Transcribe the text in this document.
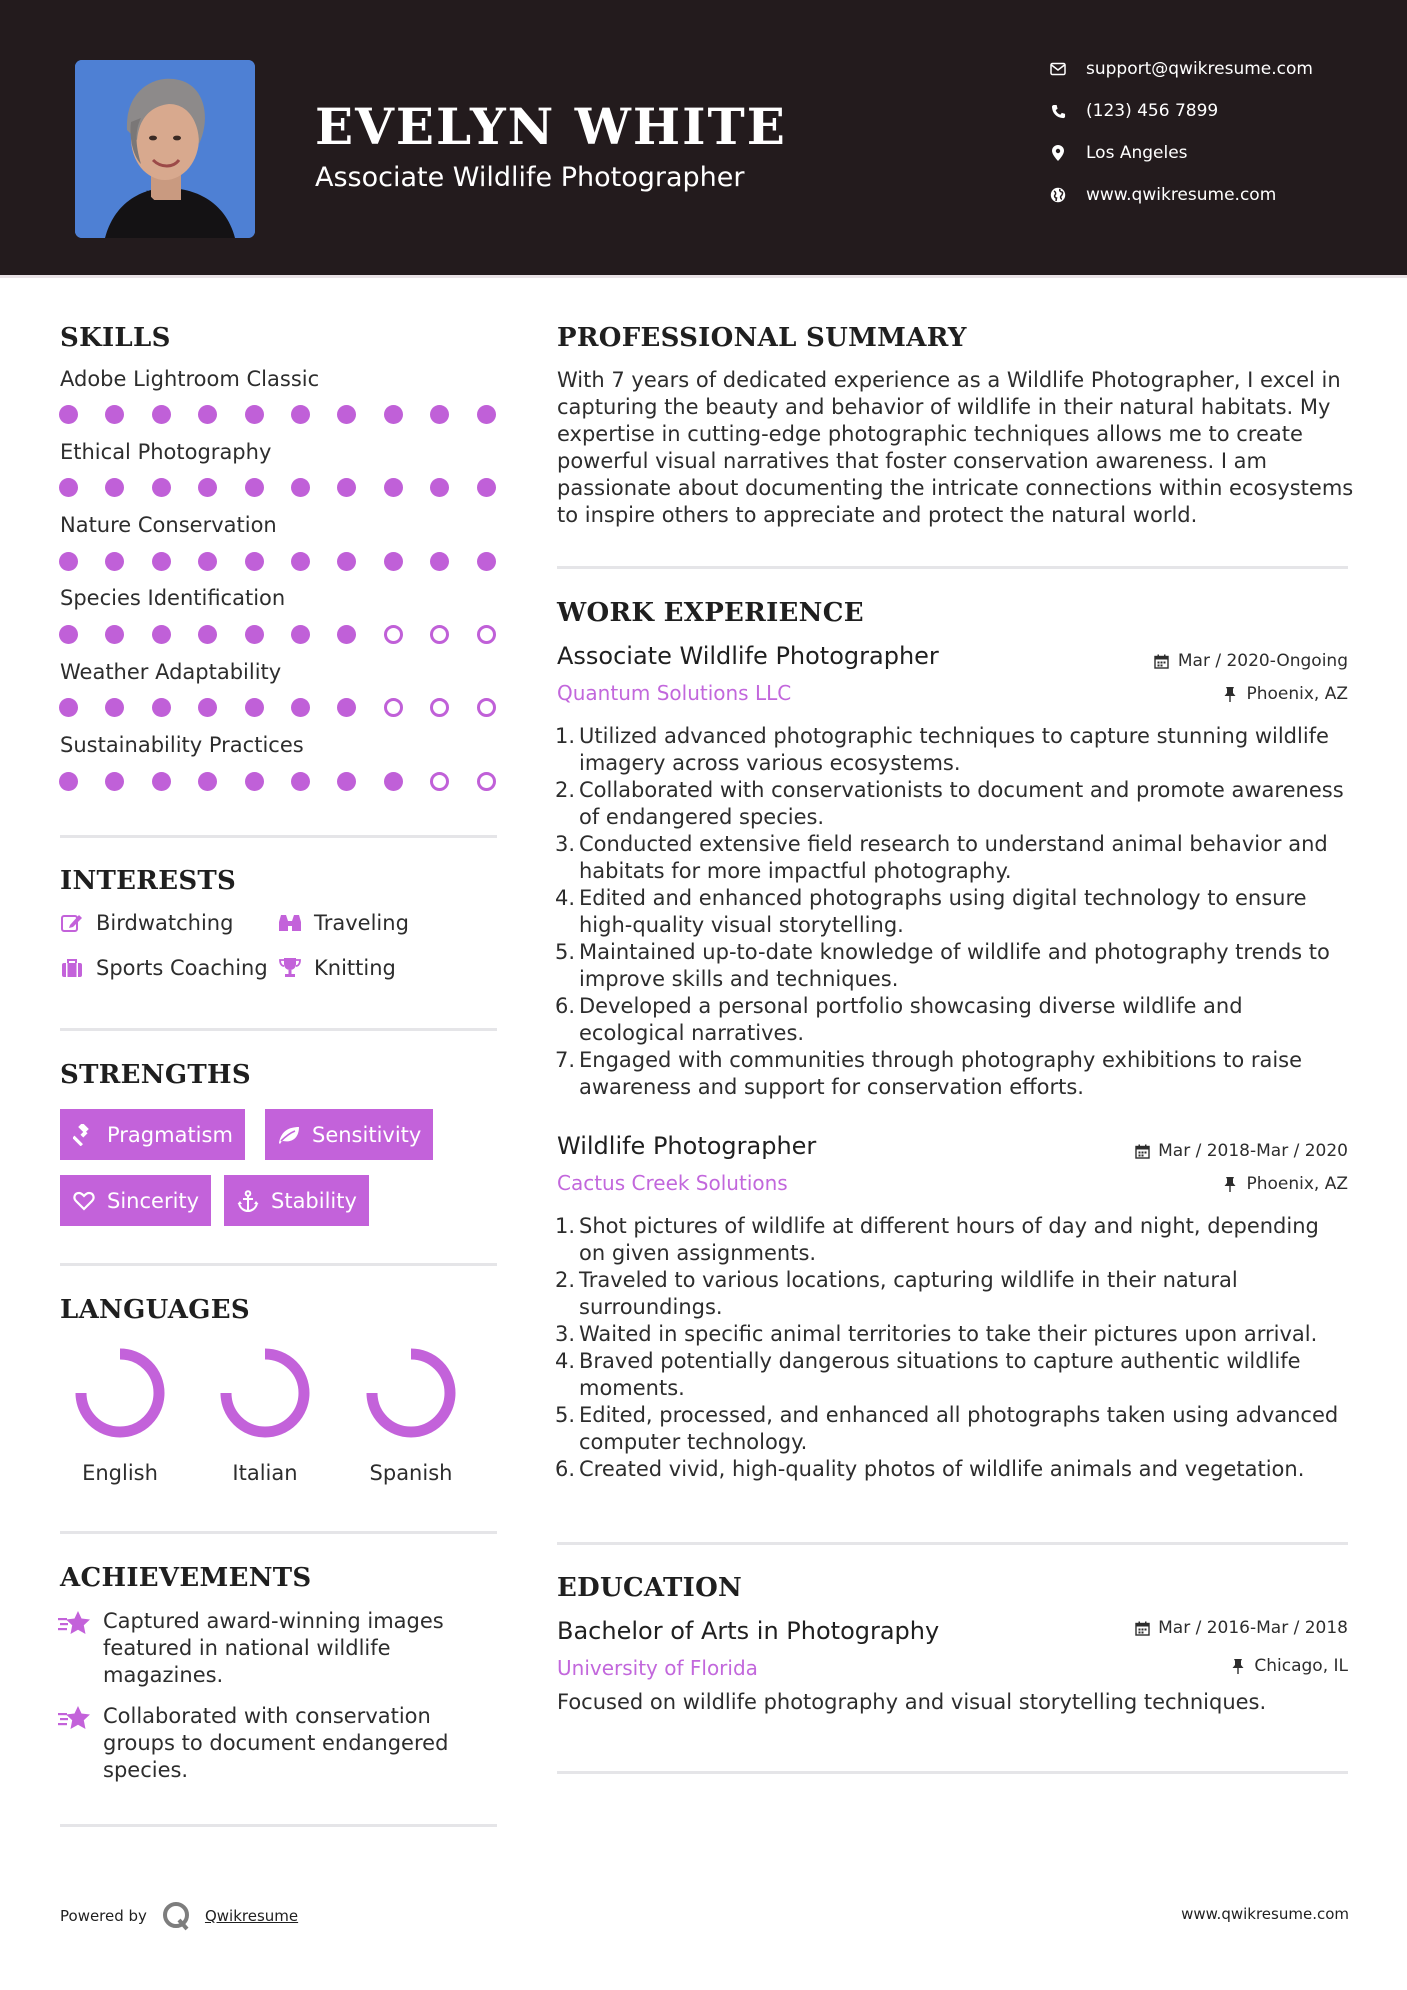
EVELYN WHITE
Associate Wildlife Photographer
support@qwikresume.com
(123) 456 7899
Los Angeles
www.qwikresume.com
SKILLS
Adobe Lightroom Classic
Ethical Photography
Nature Conservation
Species Identification
Weather Adaptability
Sustainability Practices
INTERESTS
Birdwatching	Traveling
Sports Coaching Knitting
STRENGTHS
Pragmatism	Sensitivity
Sincerity	Stability
LANGUAGES
English	Italian	Spanish
ACHIEVEMENTS
Captured award-winning images featured in national wildlife magazines.
Collaborated with conservation groups to document endangered species.
PROFESSIONAL SUMMARY
With 7 years of dedicated experience as a Wildlife Photographer, I excel in capturing the beauty and behavior of wildlife in their natural habitats. My expertise in cutting-edge photographic techniques allows me to create powerful visual narratives that foster conservation awareness. I am passionate about documenting the intricate connections within ecosystems to inspire others to appreciate and protect the natural world.
WORK EXPERIENCE
Associate Wildlife Photographer
Quantum Solutions LLC
Mar / 2020-Ongoing
Phoenix, AZ
1. Utilized advanced photographic techniques to capture stunning wildlife imagery across various ecosystems.
2. Collaborated with conservationists to document and promote awareness of endangered species.
3. Conducted extensive field research to understand animal behavior and habitats for more impactful photography.
4. Edited and enhanced photographs using digital technology to ensure high-quality visual storytelling.
5. Maintained up-to-date knowledge of wildlife and photography trends to improve skills and techniques.
6. Developed a personal portfolio showcasing diverse wildlife and ecological narratives.
7. Engaged with communities through photography exhibitions to raise awareness and support for conservation efforts.
Wildlife Photographer
Cactus Creek Solutions
Mar / 2018-Mar / 2020
Phoenix, AZ
1. Shot pictures of wildlife at different hours of day and night, depending on given assignments.
2. Traveled to various locations, capturing wildlife in their natural surroundings.
3. Waited in specific animal territories to take their pictures upon arrival.
4. Braved potentially dangerous situations to capture authentic wildlife moments.
5. Edited, processed, and enhanced all photographs taken using advanced computer technology.
6. Created vivid, high-quality photos of wildlife animals and vegetation.
EDUCATION
Bachelor of Arts in Photography
University of Florida
Mar / 2016-Mar / 2018
Chicago, IL
Focused on wildlife photography and visual storytelling techniques.
Powered by	Qwikresume	www.qwikresume.com
